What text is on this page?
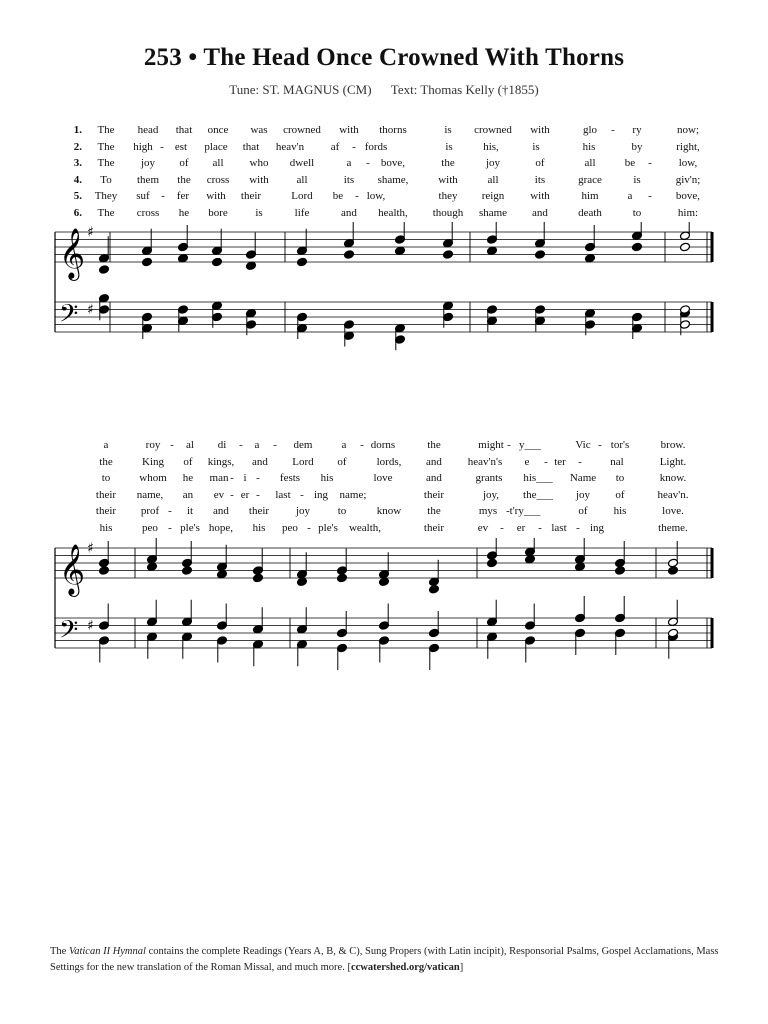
253 • The Head Once Crowned With Thorns
Tune: ST. MAGNUS (CM) Text: Thomas Kelly (†1855)
1. The head that once was crowned with thorns	is crowned with	glo - ry	now;
2. The high - est place that heav'n af - fords	is	his,	is	his	by	right,
3. The joy of all who dwell	a - bove,	the	joy	of	all	be - low,
4. To them the cross with	all	its shame,	with	all	its	grace	is	giv'n;
5. They suf - fer with their	Lord be - low,	they reign with	him	a - bove,
6. The cross he bore	is	life	and health, though shame and	death	to	him:
𝄞
𝄢
♯
♯
a	roy - al di - a - dem	a - dorns	the	might - y___	Vic - tor's	brow.
the	King of kings, and Lord of	lords, and heav'n's e - ter -	nal	Light.
to	whom he man - i - fests his	love	and	grants his___ Name to	know.
their name, an ev - er - last - ing name;	their	joy, the___ joy of	heav'n.
their prof - it and their joy	to	know the	mys - t'ry___	of his	love.
his	peo - ple's hope, his peo - ple's wealth,	their	ev - er - last - ing	theme.
𝄞
𝄢
♯
♯
The Vatican II Hymnal contains the complete Readings (Years A, B, & C), Sung Propers (with Latin incipit), Responsorial Psalms, Gospel Acclamations, Mass Settings for the new translation of the Roman Missal, and much more. [ccwatershed.org/vatican]
